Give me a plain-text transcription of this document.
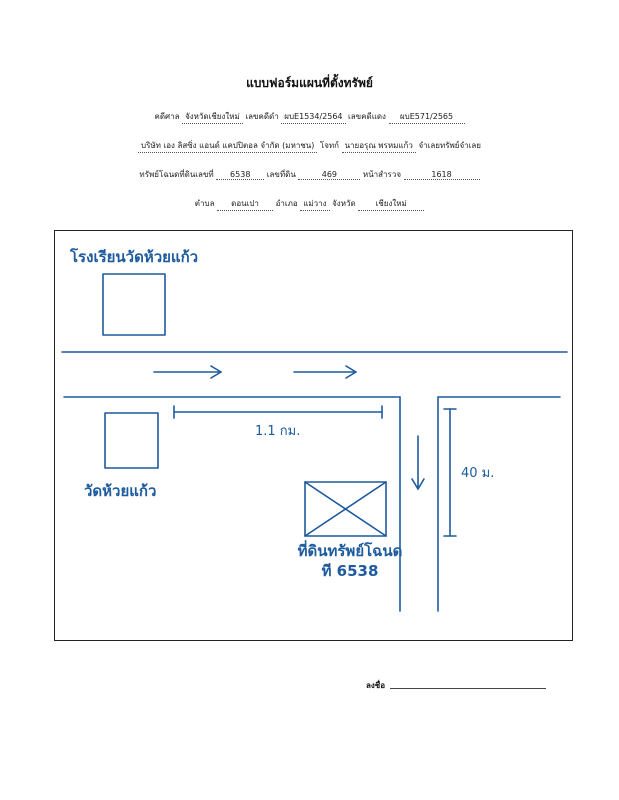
แบบฟอร์มแผนที่ตั้งทรัพย์
คดีศาล จังหวัดเชียงใหม่ เลขคดีดำ ผบE1534/2564 เลขคดีแดง ผบE571/2565
บริษัท เอง ลิสซิ่ง แอนด์ แคปปิตอล จำกัด (มหาชน) โจทก์ นายอรุณ พรหมแก้ว จำเลยทรัพย์จำเลย
ทรัพย์โฉนดที่ดินเลขที่ 6538 เลขที่ดิน	469	หน้าสำรวจ	1618
ตำบล ดอนเปา อำเภอ แม่วาง จังหวัด เชียงใหม่
โรงเรียนวัดห้วยแก้ว
1.1 กม.
40 ม.
วัดห้วยแก้ว
ที่ดินทรัพย์โฉนด
ที 6538
ลงชื่อ
